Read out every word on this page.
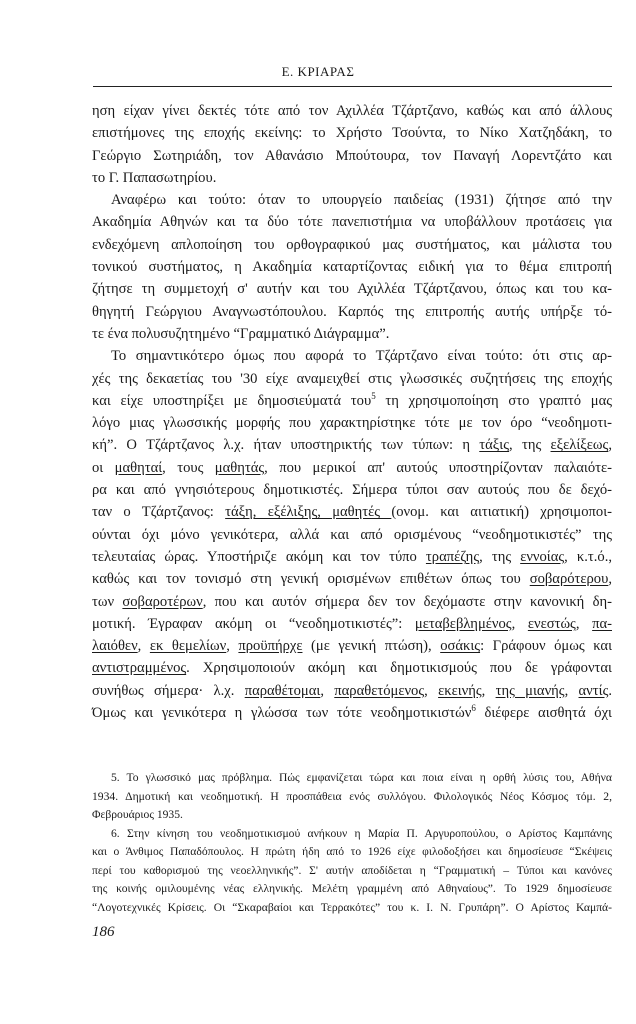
Ε. ΚΡΙΑΡΑΣ
ηση είχαν γίνει δεκτές τότε από τον Αχιλλέα Τζάρτζανο, καθώς και από άλλους
επιστήμονες της εποχής εκείνης: το Χρήστο Τσούντα, το Νίκο Χατζηδάκη, το
Γεώργιο Σωτηριάδη, τον Αθανάσιο Μπούτουρα, τον Παναγή Λορεντζάτο και
το Γ. Παπασωτηρίου.
Αναφέρω και τούτο: όταν το υπουργείο παιδείας (1931) ζήτησε από την
Ακαδημία Αθηνών και τα δύο τότε πανεπιστήμια να υποβάλλουν προτάσεις για
ενδεχόμενη απλοποίηση του ορθογραφικού μας συστήματος, και μάλιστα του
τονικού συστήματος, η Ακαδημία καταρτίζοντας ειδική για το θέμα επιτροπή
ζήτησε τη συμμετοχή σ' αυτήν και του Αχιλλέα Τζάρτζανου, όπως και του κα-
θηγητή Γεώργιου Αναγνωστόπουλου. Καρπός της επιτροπής αυτής υπήρξε τό-
τε ένα πολυσυζητημένο “Γραμματικό Διάγραμμα”.
Το σημαντικότερο όμως που αφορά το Τζάρτζανο είναι τούτο: ότι στις αρ-
χές της δεκαετίας του '30 είχε αναμειχθεί στις γλωσσικές συζητήσεις της εποχής
και είχε υποστηρίξει με δημοσιεύματά του$^5$ τη χρησιμοποίηση στο γραπτό μας
λόγο μιας γλωσσικής μορφής που χαρακτηρίστηκε τότε με τον όρο “νεοδημοτι-
κή”. Ο Τζάρτζανος λ.χ. ήταν υποστηρικτής των τύπων: η τάξις, της εξελίξεως,
οι μαθηταί, τους μαθητάς, που μερικοί απ' αυτούς υποστηρίζονταν παλαιότε-
ρα και από γνησιότερους δημοτικιστές. Σήμερα τύποι σαν αυτούς που δε δεχό-
ταν ο Τζάρτζανος: τάξη, εξέλιξης, μαθητές (ονομ. και αιτιατική) χρησιμοποι-
ούνται όχι μόνο γενικότερα, αλλά και από ορισμένους “νεοδημοτικιστές” της
τελευταίας ώρας. Υποστήριζε ακόμη και τον τύπο τραπέζης, της εννοίας, κ.τ.ό.,
καθώς και τον τονισμό στη γενική ορισμένων επιθέτων όπως του σοβαρότερου,
των σοβαροτέρων, που και αυτόν σήμερα δεν τον δεχόμαστε στην κανονική δη-
μοτική. Έγραφαν ακόμη οι “νεοδημοτικιστές”: μεταβεβλημένος, ενεστώς, πα-
λαιόθεν, εκ θεμελίων, προϋπήρχε (με γενική πτώση), οσάκις: Γράφουν όμως και
αντιστραμμένος. Χρησιμοποιούν ακόμη και δημοτικισμούς που δε γράφονται
συνήθως σήμερα· λ.χ. παραθέτομαι, παραθετόμενος, εκεινής, της μιανής, αντίς.
Όμως και γενικότερα η γλώσσα των τότε νεοδημοτικιστών$^6$ διέφερε αισθητά όχι
5. Το γλωσσικό μας πρόβλημα. Πώς εμφανίζεται τώρα και ποια είναι η ορθή λύσις του, Αθήνα
1934. Δημοτική και νεοδημοτική. Η προσπάθεια ενός συλλόγου. Φιλολογικός Νέος Κόσμος τόμ. 2,
Φεβρουάριος 1935.
6. Στην κίνηση του νεοδημοτικισμού ανήκουν η Μαρία Π. Αργυροπούλου, ο Αρίστος Καμπάνης
και ο Άνθιμος Παπαδόπουλος. Η πρώτη ήδη από το 1926 είχε φιλοδοξήσει και δημοσίευσε “Σκέψεις
περί του καθορισμού της νεοελληνικής”. Σ' αυτήν αποδίδεται η “Γραμματική – Τύποι και κανόνες
της κοινής ομιλουμένης νέας ελληνικής. Μελέτη γραμμένη από Αθηναίους”. Το 1929 δημοσίευσε
“Λογοτεχνικές Κρίσεις. Οι “Σκαραβαίοι και Τερρακότες” του κ. Ι. Ν. Γρυπάρη”. Ο Αρίστος Καμπά-
186
